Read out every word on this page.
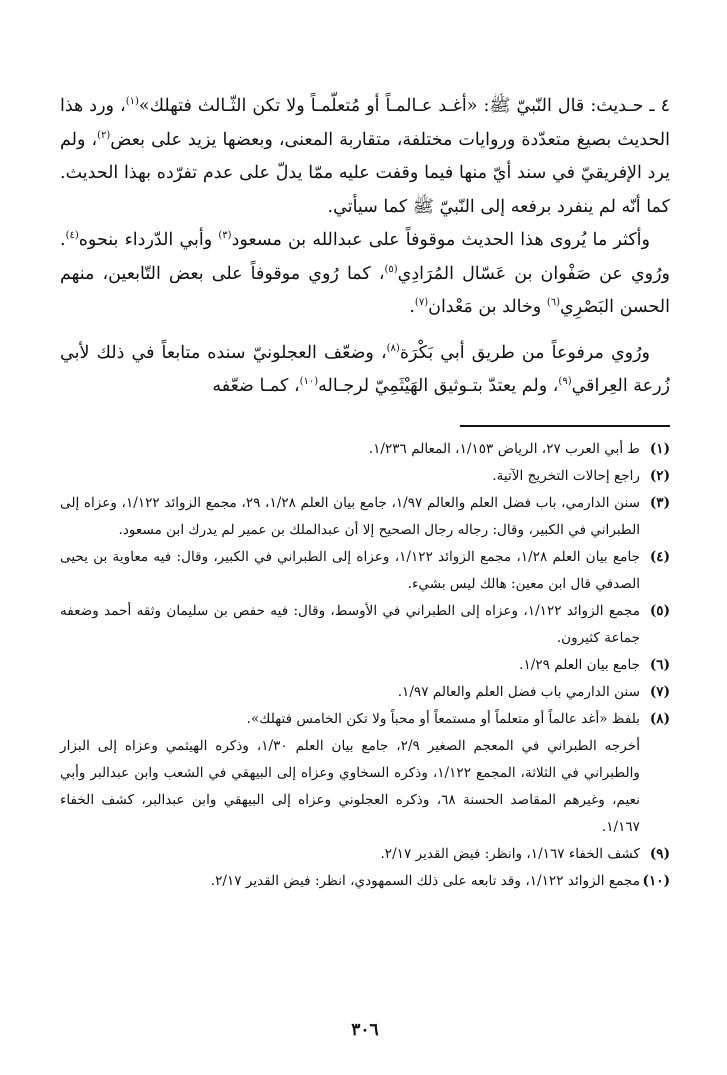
٤ ـ حـديث: قال النّبيّ ﷺ: «أغـد عـالمـاً أو مُتعلّمـاً ولا تكن الثّـالث فتهلك»$^{(١)}$، ورد هذا الحديث بصيغ متعدّدة وروايات مختلفة، متقاربة المعنى، وبعضها يزيد على بعض$^{(٢)}$، ولم يرد الإفريقيّ في سند أيّ منها فيما وقفت عليه ممّا يدلّ على عدم تفرّده بهذا الحديث. كما أنّه لم ينفرد برفعه إلى النّبيّ ﷺ كما سيأتي.

وأكثر ما يُروى هذا الحديث موقوفاً على عبدالله بن مسعود$^{(٣)}$ وأبي الدّرداء بنحوه$^{(٤)}$. ورُوي عن صَفْوان بن عَسّال المُرَادِي$^{(٥)}$، كما رُوي موقوفاً على بعض التّابعين، منهم الحسن البَصْرِي$^{(٦)}$ وخالد بن مَعْدان$^{(٧)}$.

ورُوي مرفوعاً من طريق أبي بَكْرَة$^{(٨)}$، وضعّف العجلونيّ سنده متابعاً في ذلك لأبي زُرعة العِراقي$^{(٩)}$، ولم يعتدّ بتـوثيق الهَيْثَمِيّ لرجـاله$^{(١٠)}$، كمـا ضعّفه

(١)
ط أبي العرب ٢٧، الرياض ١/١٥٣، المعالم ١/٢٣٦.
(٢)
راجع إحالات التخريج الآتية.
(٣)
سنن الدارمي، باب فضل العلم والعالم ١/٩٧، جامع بيان العلم ١/٢٨، ٢٩، مجمع الزوائد ١/١٢٢، وعزاه إلى الطبراني في الكبير، وقال: رجاله رجال الصحيح إلا أن عبدالملك بن عمير لم يدرك ابن مسعود.
(٤)
جامع بيان العلم ١/٢٨، مجمع الزوائد ١/١٢٢، وعزاه إلى الطبراني في الكبير، وقال: فيه معاوية بن يحيى الصدفي قال ابن معين: هالك ليس بشيء.
(٥)
مجمع الزوائد ١/١٢٢، وعزاه إلى الطبراني في الأوسط، وقال: فيه حفص بن سليمان وثقه أحمد وضعفه جماعة كثيرون.
(٦)
جامع بيان العلم ١/٢٩.
(٧)
سنن الدارمي باب فضل العلم والعالم ١/٩٧.
(٨)
بلفظ «أغد عالماً أو متعلماً أو مستمعاً أو محباً ولا تكن الخامس فتهلك».
أخرجه الطبراني في المعجم الصغير ٢/٩، جامع بيان العلم ١/٣٠، وذكره الهيثمي وعزاه إلى البزار والطبراني في الثلاثة، المجمع ١/١٢٢، وذكره السخاوي وعزاه إلى البيهقي في الشعب وابن عبدالبر وأبي نعيم، وغيرهم المقاصد الحسنة ٦٨، وذكره العجلوني وعزاه إلى البيهقي وابن عبدالبر، كشف الخفاء ١/١٦٧.
(٩)
كشف الخفاء ١/١٦٧، وانظر: فيض القدير ٢/١٧.
(١٠)
مجمع الزوائد ١/١٢٢، وقد تابعه على ذلك السمهودي، انظر: فيض القدير ٢/١٧.
٣٠٦
